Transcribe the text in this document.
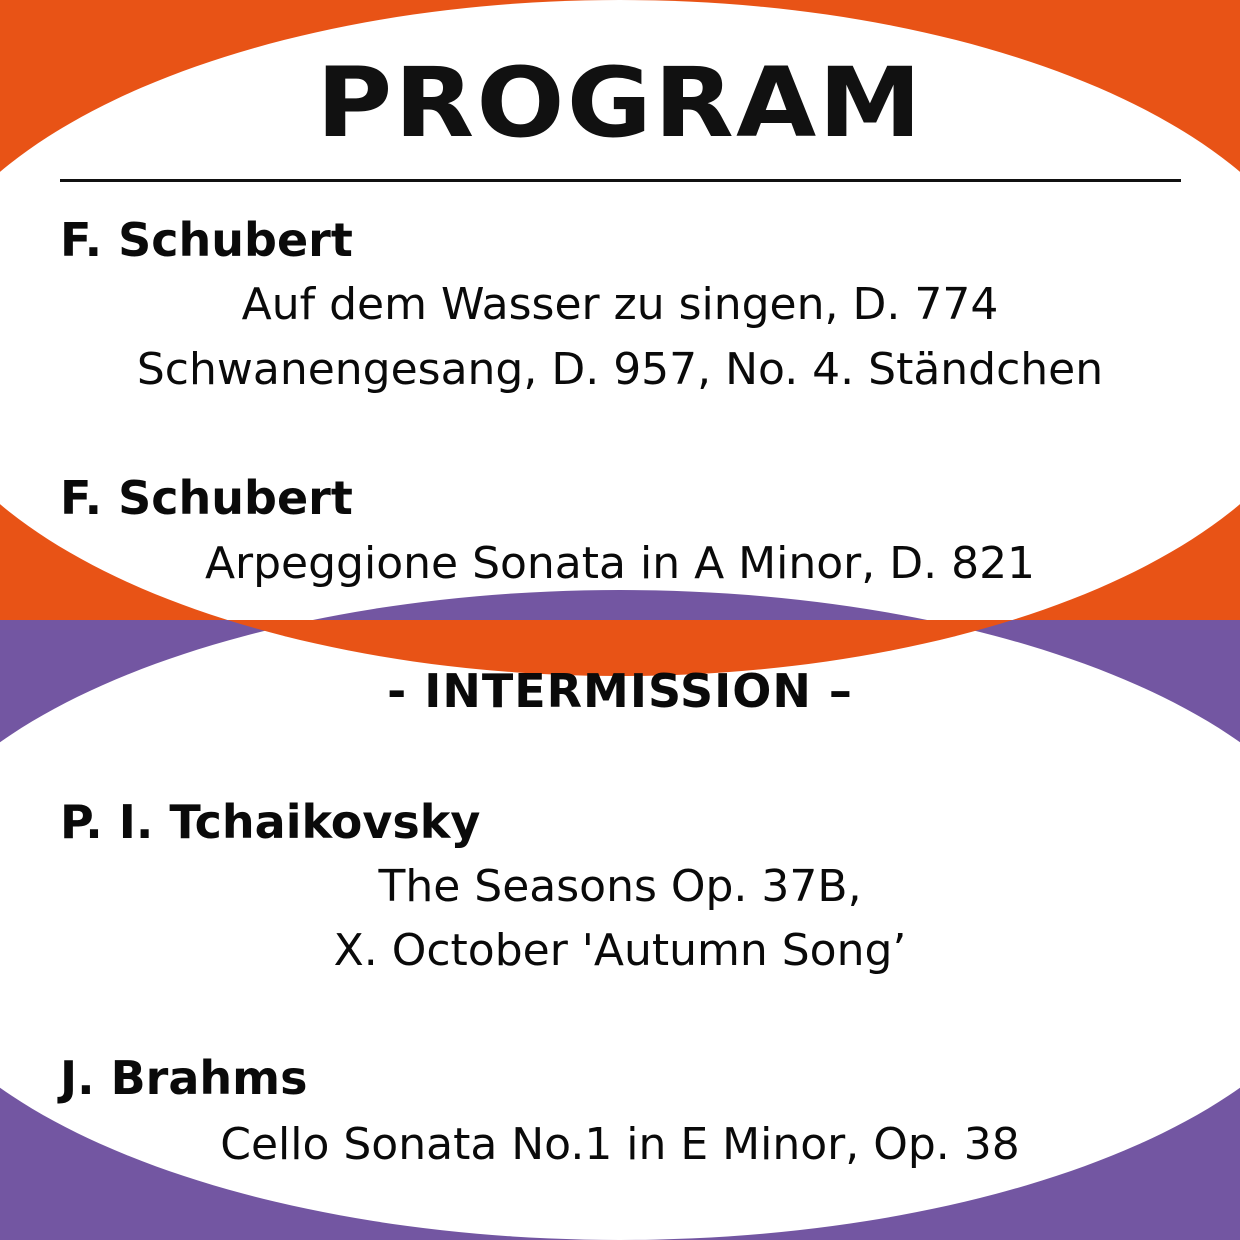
PROGRAM
F. Schubert
Auf dem Wasser zu singen, D. 774
Schwanengesang, D. 957, No. 4. Ständchen
F. Schubert
Arpeggione Sonata in A Minor, D. 821
- INTERMISSION –
P. I. Tchaikovsky
The Seasons Op. 37B,
X. October 'Autumn Song’
J. Brahms
Cello Sonata No.1 in E Minor, Op. 38
